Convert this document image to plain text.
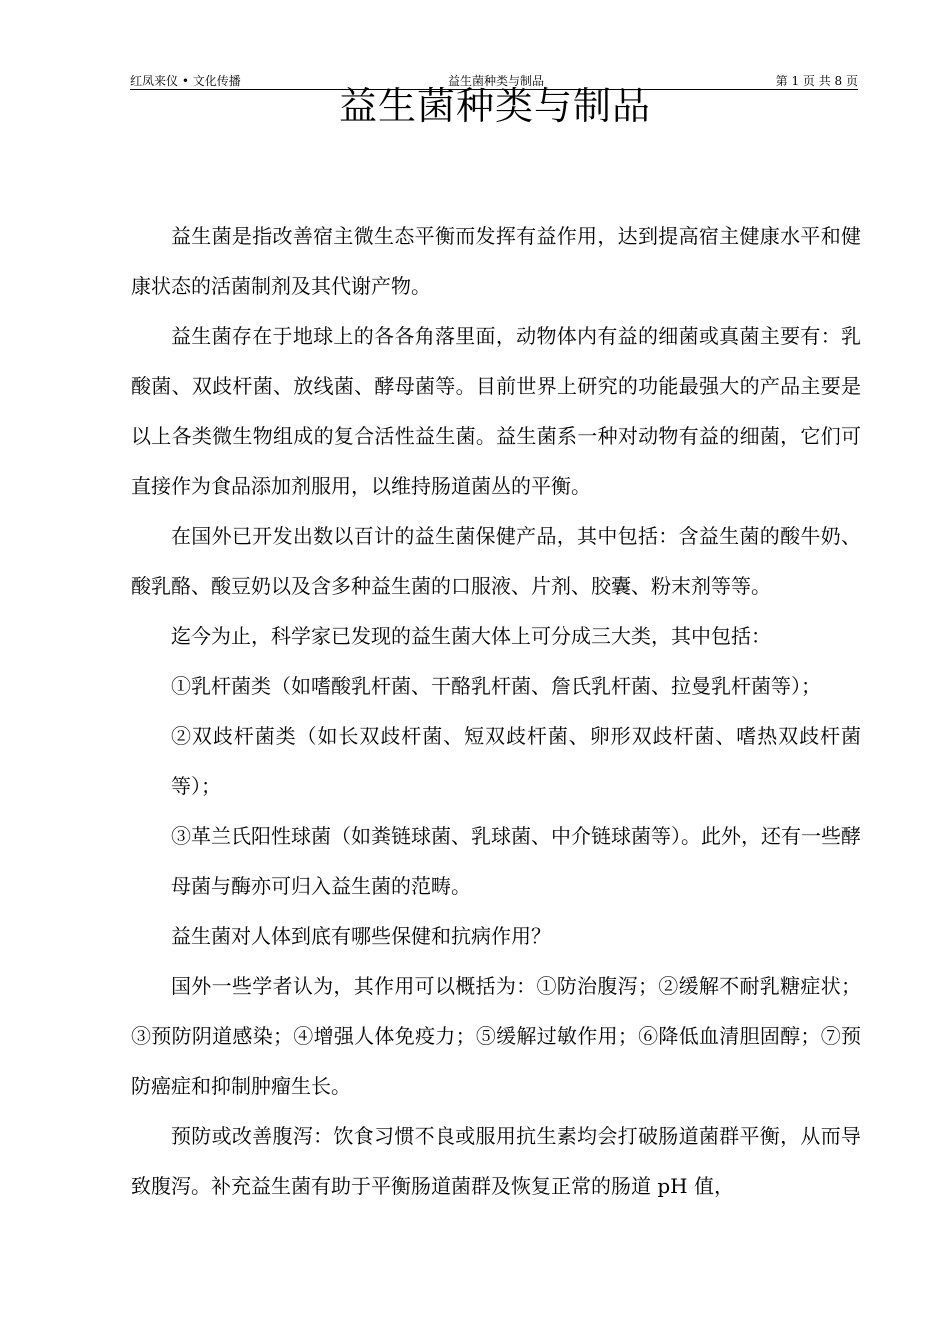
红凤来仪 • 文化传播	益生菌种类与制品	第 1 页 共 8 页
益生菌种类与制品

益生菌是指改善宿主微生态平衡而发挥有益作用，达到提高宿主健康水平和健康状态的活菌制剂及其代谢产物。

益生菌存在于地球上的各各角落里面，动物体内有益的细菌或真菌主要有：乳酸菌、双歧杆菌、放线菌、酵母菌等。目前世界上研究的功能最强大的产品主要是以上各类微生物组成的复合活性益生菌。益生菌系一种对动物有益的细菌，它们可直接作为食品添加剂服用，以维持肠道菌丛的平衡。

在国外已开发出数以百计的益生菌保健产品，其中包括：含益生菌的酸牛奶、酸乳酪、酸豆奶以及含多种益生菌的口服液、片剂、胶囊、粉末剂等等。

迄今为止，科学家已发现的益生菌大体上可分成三大类，其中包括：

①乳杆菌类（如嗜酸乳杆菌、干酪乳杆菌、詹氏乳杆菌、拉曼乳杆菌等）；

②双歧杆菌类（如长双歧杆菌、短双歧杆菌、卵形双歧杆菌、嗜热双歧杆菌等）；

③革兰氏阳性球菌（如粪链球菌、乳球菌、中介链球菌等）。此外，还有一些酵母菌与酶亦可归入益生菌的范畴。

益生菌对人体到底有哪些保健和抗病作用？

国外一些学者认为，其作用可以概括为：①防治腹泻；②缓解不耐乳糖症状；③预防阴道感染；④增强人体免疫力；⑤缓解过敏作用；⑥降低血清胆固醇；⑦预防癌症和抑制肿瘤生长。

预防或改善腹泻：饮食习惯不良或服用抗生素均会打破肠道菌群平衡，从而导致腹泻。补充益生菌有助于平衡肠道菌群及恢复正常的肠道 pH 值，
